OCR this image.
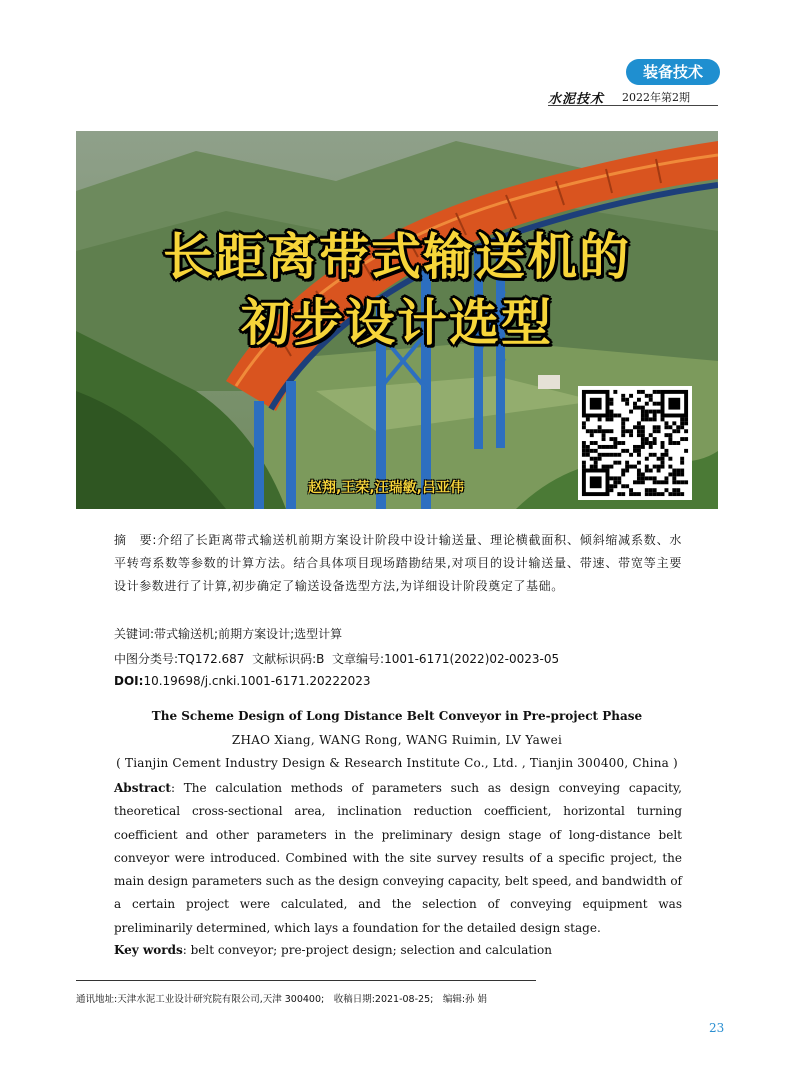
装备技术
水泥技术 2022年第2期
长距离带式输送机的
初步设计选型
赵翔,王荣,汪瑞敏,吕亚伟
摘　要:介绍了长距离带式输送机前期方案设计阶段中设计输送量、理论横截面积、倾斜缩减系数、水平转弯系数等参数的计算方法。结合具体项目现场踏勘结果,对项目的设计输送量、带速、带宽等主要设计参数进行了计算,初步确定了输送设备选型方法,为详细设计阶段奠定了基础。
关键词:带式输送机;前期方案设计;选型计算
中图分类号:TQ172.687 文献标识码:B 文章编号:1001-6171(2022)02-0023-05
DOI:10.19698/j.cnki.1001-6171.20222023
The Scheme Design of Long Distance Belt Conveyor in Pre-project Phase
ZHAO Xiang, WANG Rong, WANG Ruimin, LV Yawei
( Tianjin Cement Industry Design & Research Institute Co., Ltd. , Tianjin 300400, China )
Abstract: The calculation methods of parameters such as design conveying capacity, theoretical cross-sectional area, inclination reduction coefficient, horizontal turning coefficient and other parameters in the preliminary design stage of long-distance belt conveyor were introduced. Combined with the site survey results of a specific project, the main design parameters such as the design conveying capacity, belt speed, and bandwidth of a certain project were calculated, and the selection of conveying equipment was preliminarily determined, which lays a foundation for the detailed design stage.
Key words: belt conveyor; pre-project design; selection and calculation
通讯地址:天津水泥工业设计研究院有限公司,天津 300400;　收稿日期:2021-08-25;　编辑:孙 娟
23
